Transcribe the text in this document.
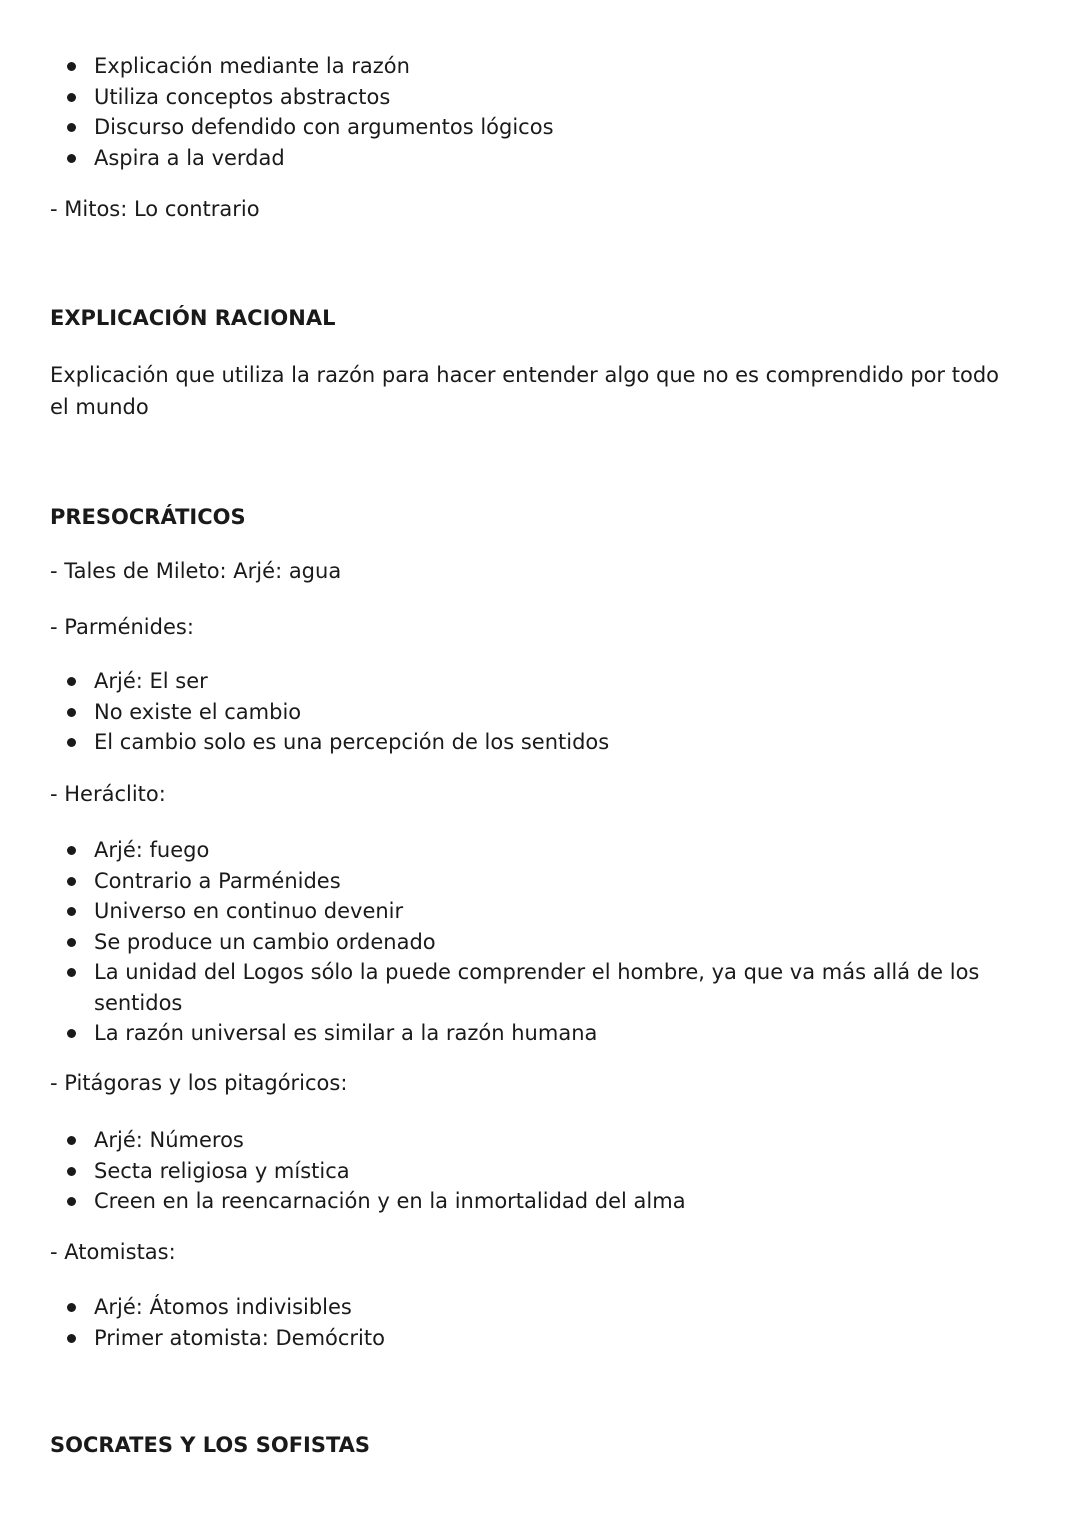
Explicación mediante la razón
Utiliza conceptos abstractos
Discurso defendido con argumentos lógicos
Aspira a la verdad

- Mitos: Lo contrario

EXPLICACIÓN RACIONAL

Explicación que utiliza la razón para hacer entender algo que no es comprendido por todo el mundo

PRESOCRÁTICOS

- Tales de Mileto: Arjé: agua

- Parménides:

Arjé: El ser
No existe el cambio
El cambio solo es una percepción de los sentidos

- Heráclito:

Arjé: fuego
Contrario a Parménides
Universo en continuo devenir
Se produce un cambio ordenado
La unidad del Logos sólo la puede comprender el hombre, ya que va más allá de los sentidos
La razón universal es similar a la razón humana

- Pitágoras y los pitagóricos:

Arjé: Números
Secta religiosa y mística
Creen en la reencarnación y en la inmortalidad del alma

- Atomistas:

Arjé: Átomos indivisibles
Primer atomista: Demócrito

SOCRATES Y LOS SOFISTAS
